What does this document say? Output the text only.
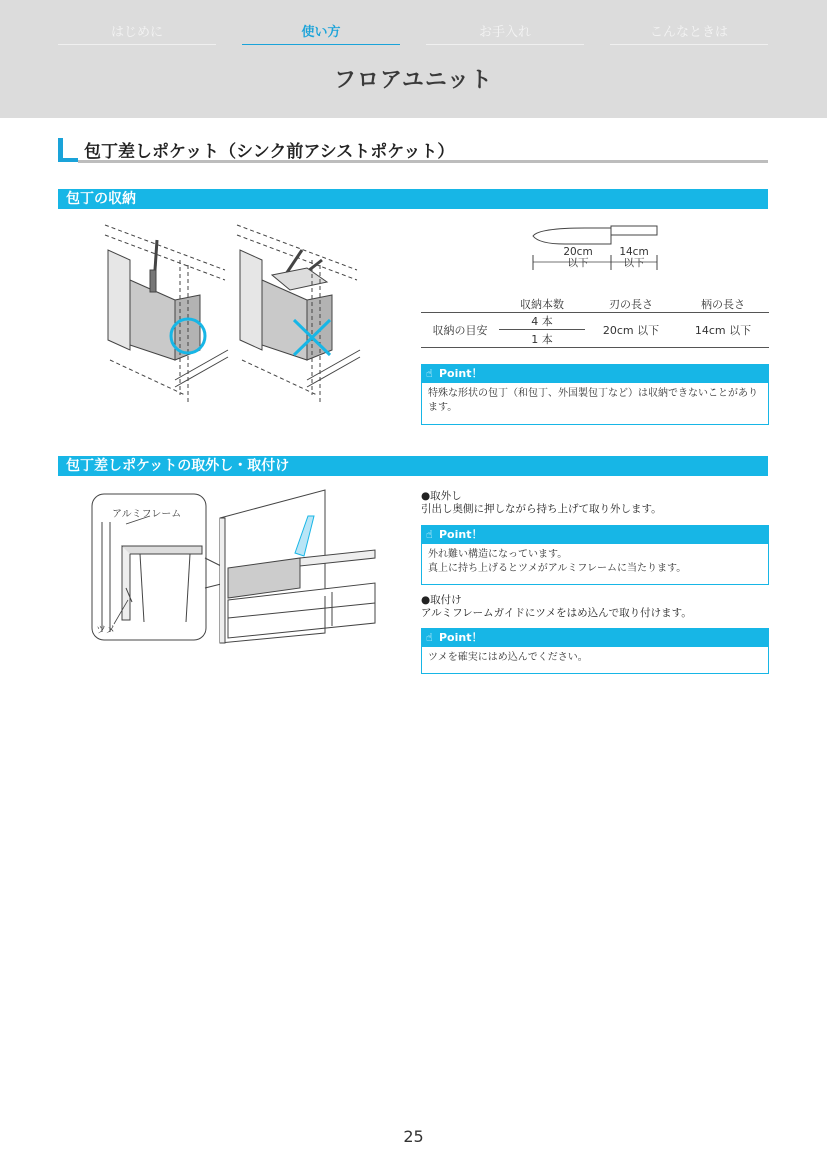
はじめに	使い方	お手入れ	こんなときは
フロアユニット
包丁差しポケット（シンク前アシストポケット）
包丁の収納
20cm
以下
14cm
以下
	収納本数	刃の長さ	柄の長さ
収納の目安	4 本	20cm 以下	14cm 以下
	1 本		
☝ Point！
特殊な形状の包丁（和包丁、外国製包丁など）は収納できないことがあります。
包丁差しポケットの取外し・取付け
アルミフレーム
ツメ
●取外し
引出し奥側に押しながら持ち上げて取り外します。
☝ Point！
外れ難い構造になっています。
真上に持ち上げるとツメがアルミフレームに当たります。
●取付け
アルミフレームガイドにツメをはめ込んで取り付けます。
☝ Point！
ツメを確実にはめ込んでください。
25
